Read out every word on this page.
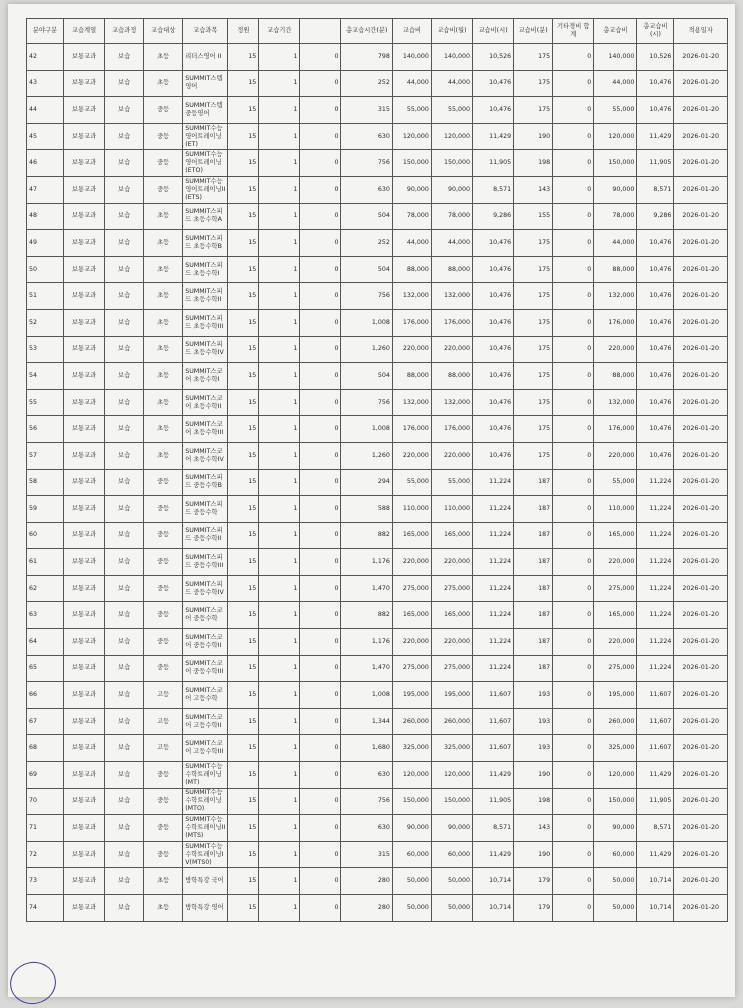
분야구분	교습계열	교습과정	교습대상	교습과목	정원	교습기간		총교습시간(분)	교습비	교습비(월)	교습비(시)	교습비(분)	기타경비 합계	총교습비	총교습비(시)	적용일자
42	보통교과	보습	초등	리더스영어 II	15	1	0	798	140,000	140,000	10,526	175	0	140,000	10,526	2026-01-20
43	보통교과	보습	초등	SUMMIT스텝 영어	15	1	0	252	44,000	44,000	10,476	175	0	44,000	10,476	2026-01-20
44	보통교과	보습	중등	SUMMIT스텝 중등영어	15	1	0	315	55,000	55,000	10,476	175	0	55,000	10,476	2026-01-20
45	보통교과	보습	중등	SUMMIT수능영어트레이닝(ET)	15	1	0	630	120,000	120,000	11,429	190	0	120,000	11,429	2026-01-20
46	보통교과	보습	중등	SUMMIT수능영어트레이닝(ETO)	15	1	0	756	150,000	150,000	11,905	198	0	150,000	11,905	2026-01-20
47	보통교과	보습	중등	SUMMIT수능영어트레이닝II(ETS)	15	1	0	630	90,000	90,000	8,571	143	0	90,000	8,571	2026-01-20
48	보통교과	보습	초등	SUMMIT스피드 초등수학A	15	1	0	504	78,000	78,000	9,286	155	0	78,000	9,286	2026-01-20
49	보통교과	보습	초등	SUMMIT스피드 초등수학B	15	1	0	252	44,000	44,000	10,476	175	0	44,000	10,476	2026-01-20
50	보통교과	보습	초등	SUMMIT스피드 초등수학I	15	1	0	504	88,000	88,000	10,476	175	0	88,000	10,476	2026-01-20
51	보통교과	보습	초등	SUMMIT스피드 초등수학II	15	1	0	756	132,000	132,000	10,476	175	0	132,000	10,476	2026-01-20
52	보통교과	보습	초등	SUMMIT스피드 초등수학III	15	1	0	1,008	176,000	176,000	10,476	175	0	176,000	10,476	2026-01-20
53	보통교과	보습	초등	SUMMIT스피드 초등수학IV	15	1	0	1,260	220,000	220,000	10,476	175	0	220,000	10,476	2026-01-20
54	보통교과	보습	초등	SUMMIT스코어 초등수학I	15	1	0	504	88,000	88,000	10,476	175	0	88,000	10,476	2026-01-20
55	보통교과	보습	초등	SUMMIT스코어 초등수학II	15	1	0	756	132,000	132,000	10,476	175	0	132,000	10,476	2026-01-20
56	보통교과	보습	초등	SUMMIT스코어 초등수학III	15	1	0	1,008	176,000	176,000	10,476	175	0	176,000	10,476	2026-01-20
57	보통교과	보습	초등	SUMMIT스코어 초등수학IV	15	1	0	1,260	220,000	220,000	10,476	175	0	220,000	10,476	2026-01-20
58	보통교과	보습	중등	SUMMIT스피드 중등수학B	15	1	0	294	55,000	55,000	11,224	187	0	55,000	11,224	2026-01-20
59	보통교과	보습	중등	SUMMIT스피드 중등수학	15	1	0	588	110,000	110,000	11,224	187	0	110,000	11,224	2026-01-20
60	보통교과	보습	중등	SUMMIT스피드 중등수학II	15	1	0	882	165,000	165,000	11,224	187	0	165,000	11,224	2026-01-20
61	보통교과	보습	중등	SUMMIT스피드 중등수학III	15	1	0	1,176	220,000	220,000	11,224	187	0	220,000	11,224	2026-01-20
62	보통교과	보습	중등	SUMMIT스피드 중등수학IV	15	1	0	1,470	275,000	275,000	11,224	187	0	275,000	11,224	2026-01-20
63	보통교과	보습	중등	SUMMIT스코어 중등수학	15	1	0	882	165,000	165,000	11,224	187	0	165,000	11,224	2026-01-20
64	보통교과	보습	중등	SUMMIT스코어 중등수학II	15	1	0	1,176	220,000	220,000	11,224	187	0	220,000	11,224	2026-01-20
65	보통교과	보습	중등	SUMMIT스코어 중등수학III	15	1	0	1,470	275,000	275,000	11,224	187	0	275,000	11,224	2026-01-20
66	보통교과	보습	고등	SUMMIT스코어 고등수학	15	1	0	1,008	195,000	195,000	11,607	193	0	195,000	11,607	2026-01-20
67	보통교과	보습	고등	SUMMIT스코어 고등수학II	15	1	0	1,344	260,000	260,000	11,607	193	0	260,000	11,607	2026-01-20
68	보통교과	보습	고등	SUMMIT스코어 고등수학III	15	1	0	1,680	325,000	325,000	11,607	193	0	325,000	11,607	2026-01-20
69	보통교과	보습	중등	SUMMIT수능수학트레이닝(MT)	15	1	0	630	120,000	120,000	11,429	190	0	120,000	11,429	2026-01-20
70	보통교과	보습	중등	SUMMIT수능수학트레이닝(MTO)	15	1	0	756	150,000	150,000	11,905	198	0	150,000	11,905	2026-01-20
71	보통교과	보습	중등	SUMMIT수능수학트레이닝II(MTS)	15	1	0	630	90,000	90,000	8,571	143	0	90,000	8,571	2026-01-20
72	보통교과	보습	중등	SUMMIT수능수학트레이닝IV(MTS0)	15	1	0	315	60,000	60,000	11,429	190	0	60,000	11,429	2026-01-20
73	보통교과	보습	초등	방학특강 국어	15	1	0	280	50,000	50,000	10,714	179	0	50,000	10,714	2026-01-20
74	보통교과	보습	초등	방학특강 영어	15	1	0	280	50,000	50,000	10,714	179	0	50,000	10,714	2026-01-20
